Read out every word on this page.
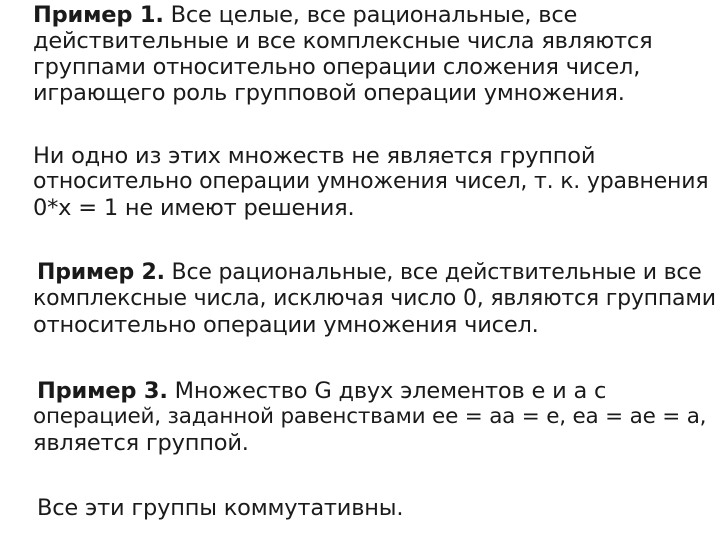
Пример 1. Все целые, все рациональные, все
действительные и все комплексные числа являются
группами относительно операции сложения чисел,
играющего роль групповой операции умножения.

Ни одно из этих множеств не является группой
относительно операции умножения чисел, т. к. уравнения
0*x = 1 не имеют решения.

Пример 2. Все рациональные, все действительные и все
комплексные числа, исключая число 0, являются группами
относительно операции умножения чисел.

Пример 3. Множество G двух элементов e и a с
операцией, заданной равенствами ee = aa = e, ea = ae = a,
является группой.

Все эти группы коммутативны.
